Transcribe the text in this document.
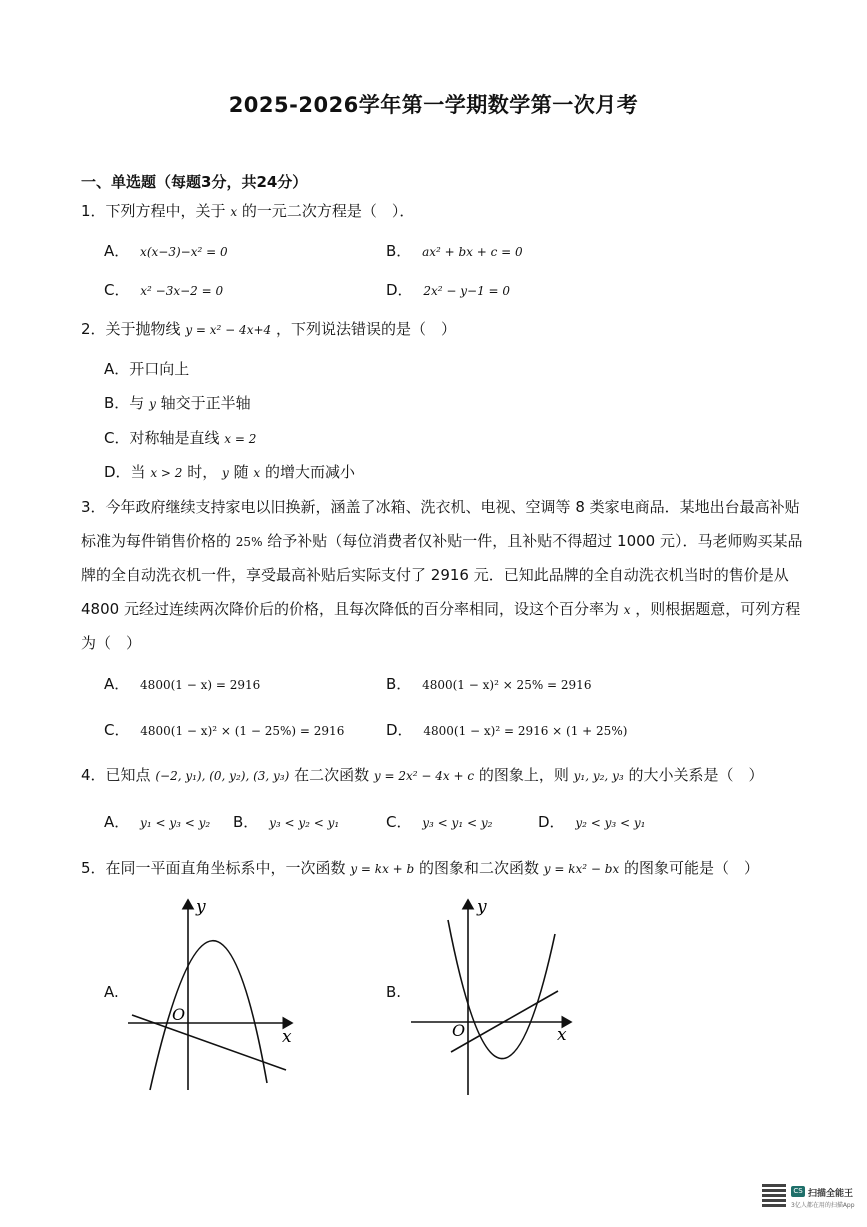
2025-2026学年第一学期数学第一次月考
一、单选题（每题3分，共24分）
1．下列方程中，关于 x 的一元二次方程是（　）．
A． x(x−3)−x² = 0	B． ax² + bx + c = 0
C． x² −3x−2 = 0	D． 2x² − y−1 = 0
2．关于抛物线 y = x² − 4x+4 ，下列说法错误的是（　）
A．开口向上
B．与 y 轴交于正半轴
C．对称轴是直线 x = 2
D．当 x > 2 时， y 随 x 的增大而减小
3．今年政府继续支持家电以旧换新，涵盖了冰箱、洗衣机、电视、空调等 8 类家电商品．某地出台最高补贴
标准为每件销售价格的 25% 给予补贴（每位消费者仅补贴一件，且补贴不得超过 1000 元）．马老师购买某品
牌的全自动洗衣机一件，享受最高补贴后实际支付了 2916 元．已知此品牌的全自动洗衣机当时的售价是从
4800 元经过连续两次降价后的价格，且每次降低的百分率相同，设这个百分率为 x ，则根据题意，可列方程
为（　）
A． 4800(1 − x) = 2916	B． 4800(1 − x)² × 25% = 2916
C． 4800(1 − x)² × (1 − 25%) = 2916	D． 4800(1 − x)² = 2916 × (1 + 25%)
4．已知点 (−2, y₁), (0, y₂), (3, y₃) 在二次函数 y = 2x² − 4x + c 的图象上，则 y₁, y₂, y₃ 的大小关系是（　）
A． y₁ < y₃ < y₂ B． y₃ < y₂ < y₁	C． y₃ < y₁ < y₂	D． y₂ < y₃ < y₁
5．在同一平面直角坐标系中，一次函数 y = kx + b 的图象和二次函数 y = kx² − bx 的图象可能是（　）
A.	B.
x
y
O
x
y
O
CS 扫描全能王
3亿人都在用的扫描App
